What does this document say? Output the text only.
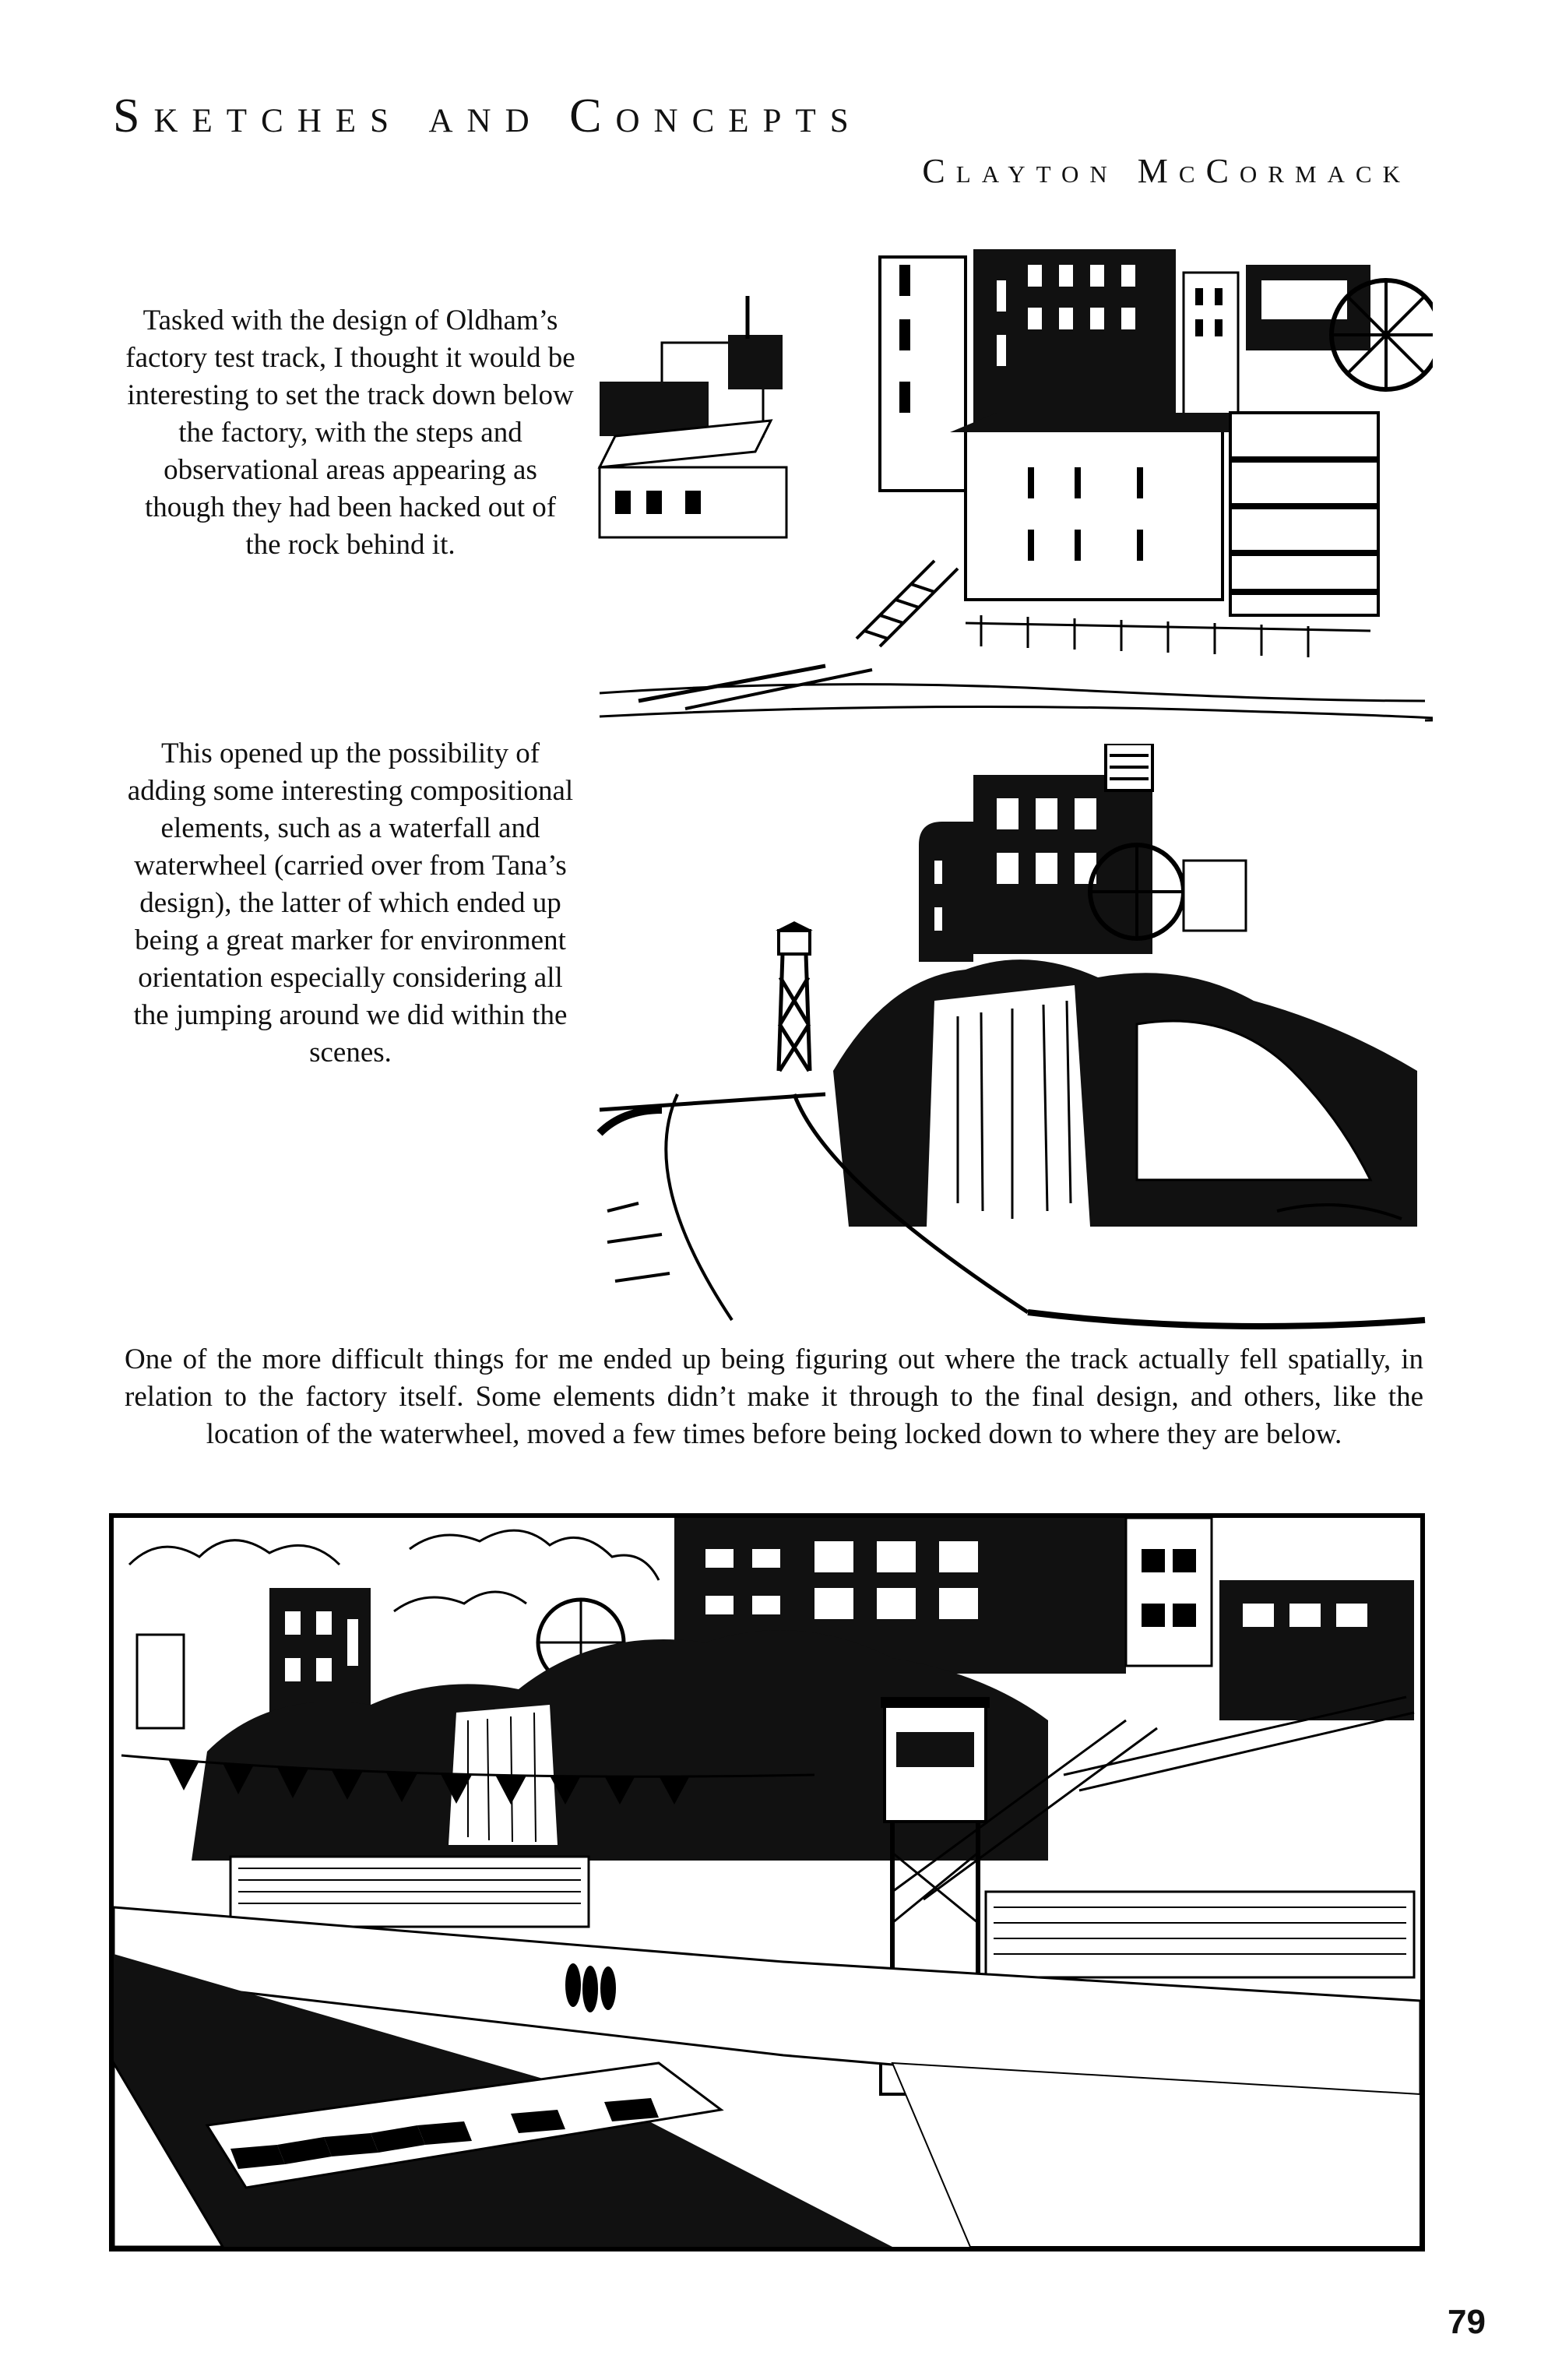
Sketches and Concepts
Clayton McCormack

Tasked with the design of Oldham’s factory test track, I thought it would be interesting to set the track down below the factory, with the steps and observational areas appearing as though they had been hacked out of the rock behind it.

This opened up the possibility of adding some interesting compositional elements, such as a waterfall and waterwheel (carried over from Tana’s design), the latter of which ended up being a great marker for environment orientation especially considering all the jumping around we did within the scenes.

One of the more difficult things for me ended up being figuring out where the track actually fell spatially, in relation to the factory itself. Some elements didn’t make it through to the final design, and others, like the location of the waterwheel, moved a few times before being locked down to where they are below.

79
